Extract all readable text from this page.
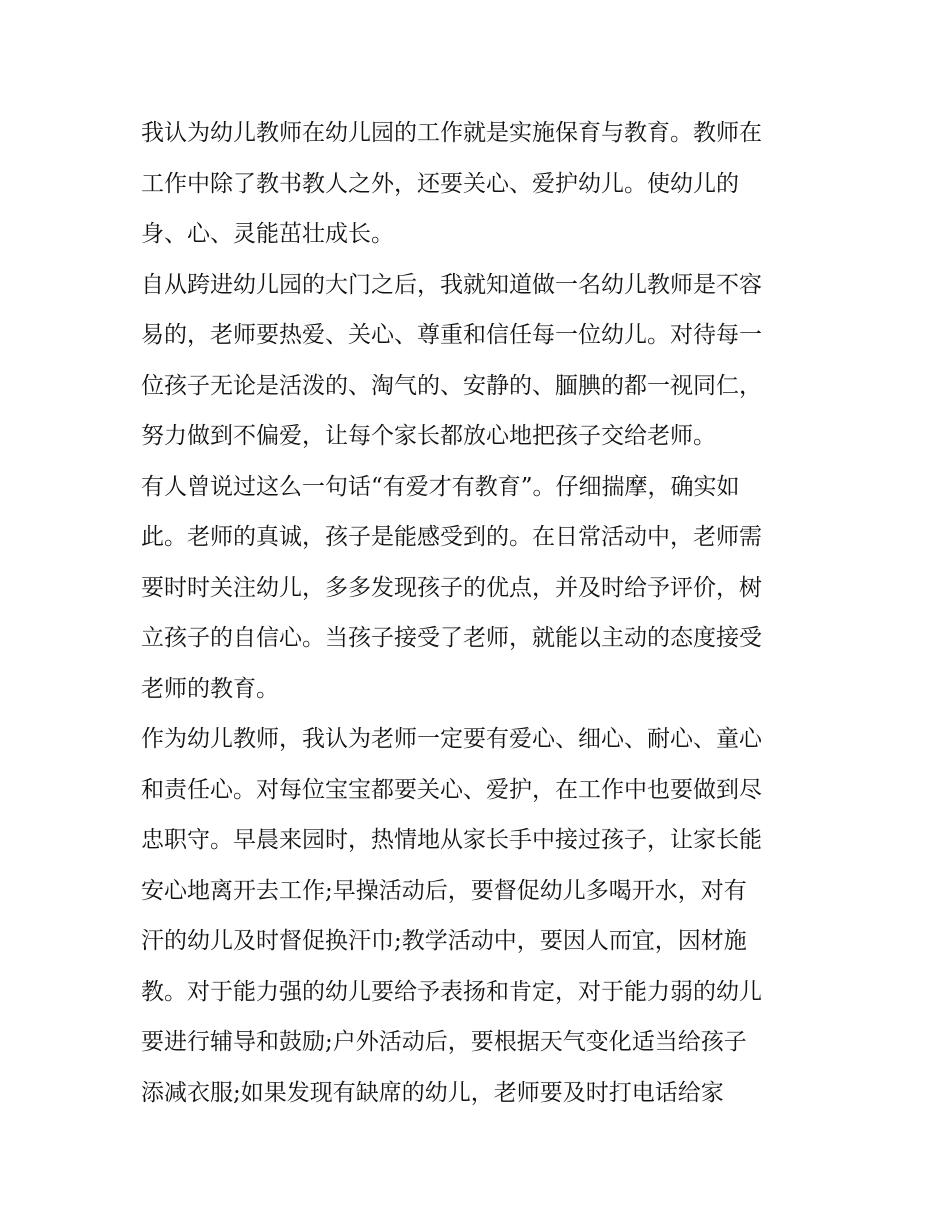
我认为幼儿教师在幼儿园的工作就是实施保育与教育。教师在
工作中除了教书教人之外，还要关心、爱护幼儿。使幼儿的
身、心、灵能茁壮成长。
自从跨进幼儿园的大门之后，我就知道做一名幼儿教师是不容
易的，老师要热爱、关心、尊重和信任每一位幼儿。对待每一
位孩子无论是活泼的、淘气的、安静的、腼腆的都一视同仁，
努力做到不偏爱，让每个家长都放心地把孩子交给老师。
有人曾说过这么一句话“有爱才有教育”。仔细揣摩，确实如
此。老师的真诚，孩子是能感受到的。在日常活动中，老师需
要时时关注幼儿，多多发现孩子的优点，并及时给予评价，树
立孩子的自信心。当孩子接受了老师，就能以主动的态度接受
老师的教育。
作为幼儿教师，我认为老师一定要有爱心、细心、耐心、童心
和责任心。对每位宝宝都要关心、爱护，在工作中也要做到尽
忠职守。早晨来园时，热情地从家长手中接过孩子，让家长能
安心地离开去工作;早操活动后，要督促幼儿多喝开水，对有
汗的幼儿及时督促换汗巾;教学活动中，要因人而宜，因材施
教。对于能力强的幼儿要给予表扬和肯定，对于能力弱的幼儿
要进行辅导和鼓励;户外活动后，要根据天气变化适当给孩子
添减衣服;如果发现有缺席的幼儿，老师要及时打电话给家
